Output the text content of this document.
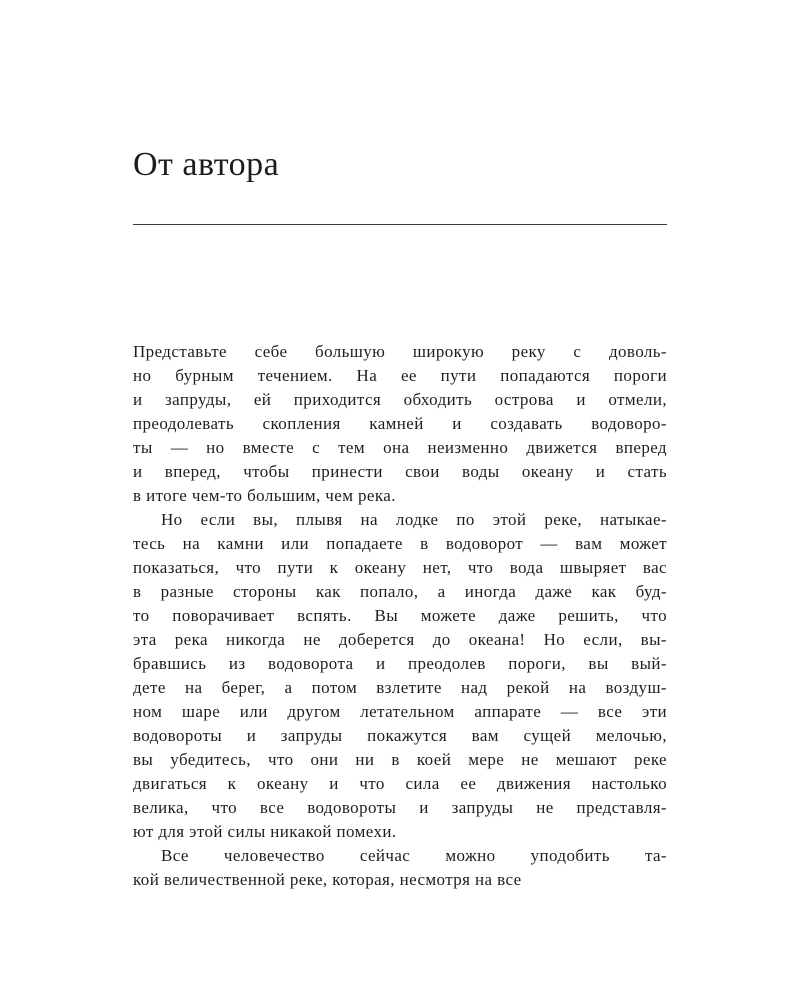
От автора
Представьте себе большую широкую реку с доволь-
но бурным течением. На ее пути попадаются пороги
и запруды, ей приходится обходить острова и отмели,
преодолевать скопления камней и создавать водоворо-
ты — но вместе с тем она неизменно движется вперед
и вперед, чтобы принести свои воды океану и стать
в итоге чем-то большим, чем река.
Но если вы, плывя на лодке по этой реке, натыкае-
тесь на камни или попадаете в водоворот — вам может
показаться, что пути к океану нет, что вода швыряет вас
в разные стороны как попало, а иногда даже как буд-
то поворачивает вспять. Вы можете даже решить, что
эта река никогда не доберется до океана! Но если, вы-
бравшись из водоворота и преодолев пороги, вы вый-
дете на берег, а потом взлетите над рекой на воздуш-
ном шаре или другом летательном аппарате — все эти
водовороты и запруды покажутся вам сущей мелочью,
вы убедитесь, что они ни в коей мере не мешают реке
двигаться к океану и что сила ее движения настолько
велика, что все водовороты и запруды не представля-
ют для этой силы никакой помехи.
Все человечество сейчас можно уподобить та-
кой величественной реке, которая, несмотря на все
